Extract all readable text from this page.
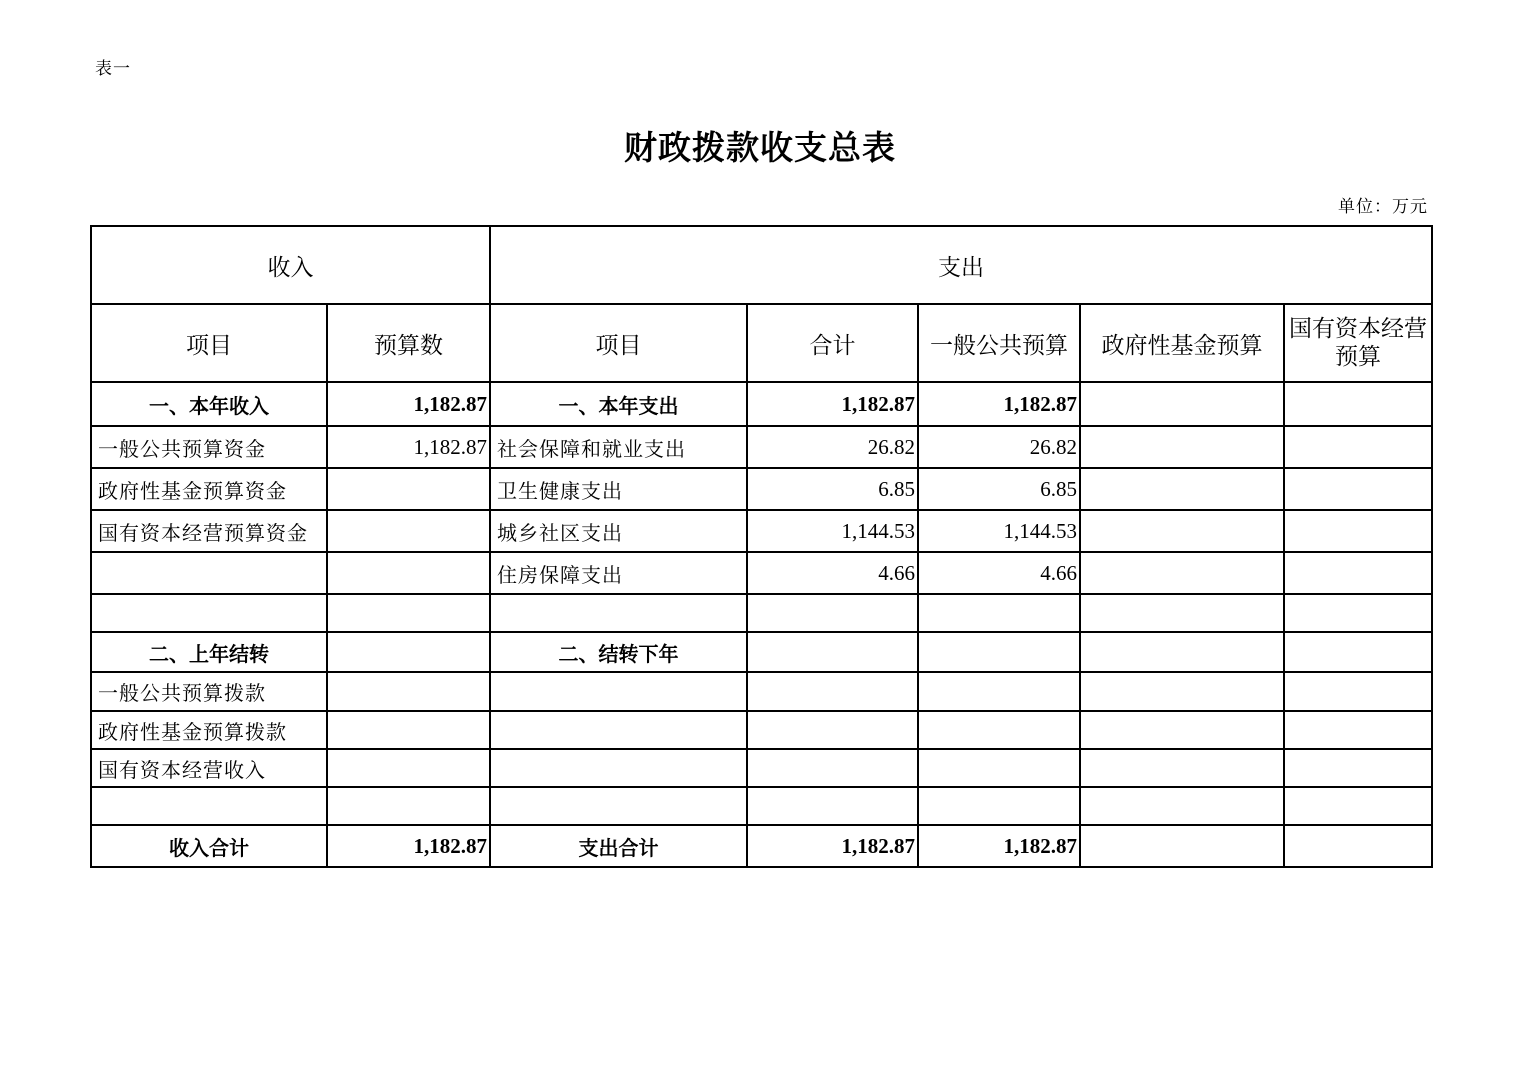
表一
财政拨款收支总表
单位：万元
收入		支出				
项目	预算数	项目	合计	一般公共预算	政府性基金预算	国有资本经营预算
一、本年收入	1,182.87	一、本年支出	1,182.87	1,182.87		
一般公共预算资金	1,182.87	社会保障和就业支出	26.82	26.82		
政府性基金预算资金		卫生健康支出	6.85	6.85		
国有资本经营预算资金		城乡社区支出	1,144.53	1,144.53		
		住房保障支出	4.66	4.66		

二、上年结转		二、结转下年				
一般公共预算拨款						
政府性基金预算拨款						
国有资本经营收入						

收入合计	1,182.87	支出合计	1,182.87	1,182.87		
